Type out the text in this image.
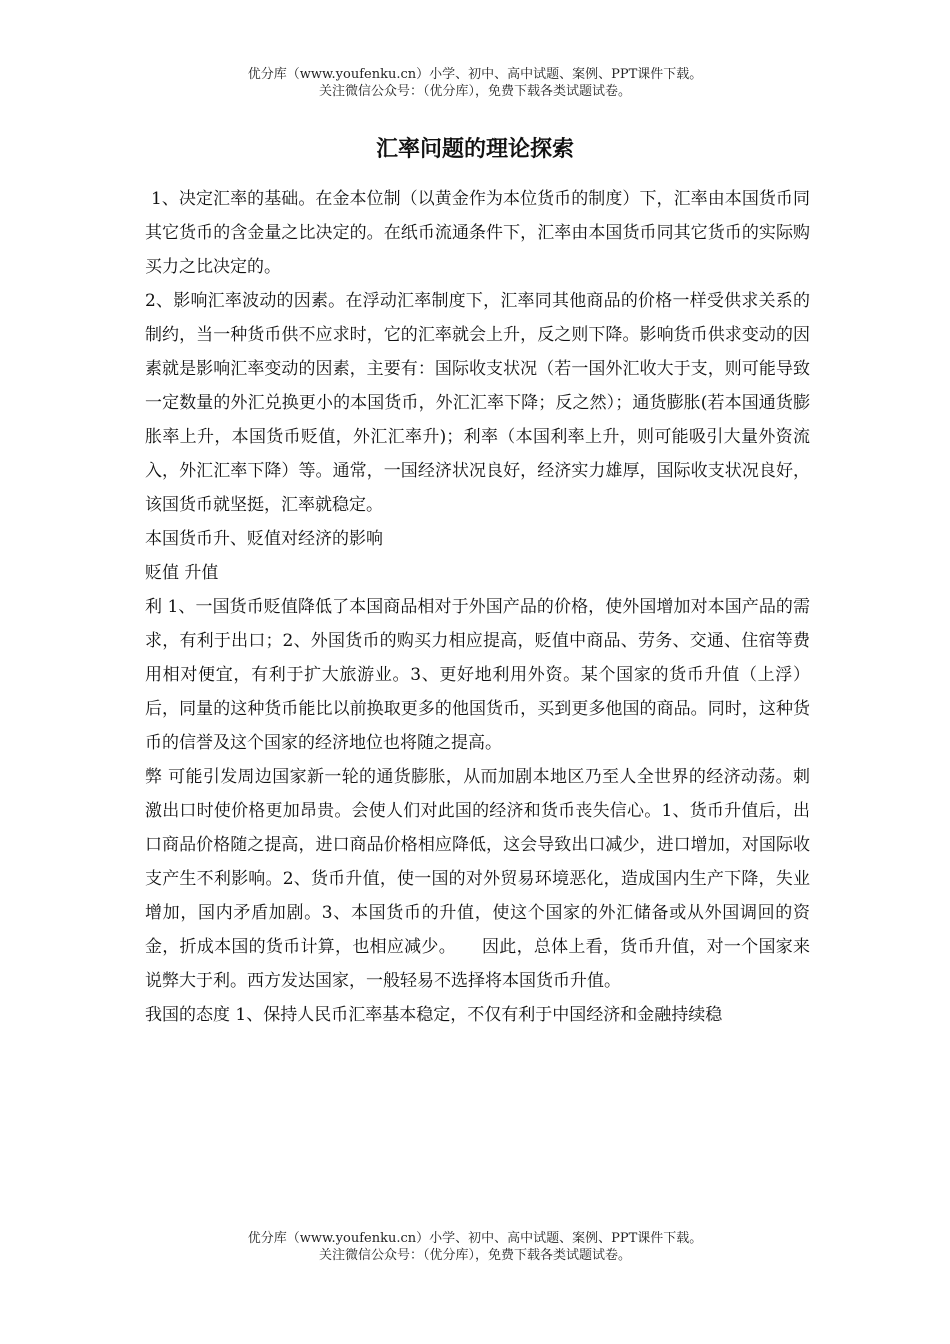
优分库（www.youfenku.cn）小学、初中、高中试题、案例、PPT课件下载。
关注微信公众号：（优分库），免费下载各类试题试卷。
汇率问题的理论探索

1、决定汇率的基础。在金本位制（以黄金作为本位货币的制度）下，汇率由本国货币同其它货币的含金量之比决定的。在纸币流通条件下，汇率由本国货币同其它货币的实际购买力之比决定的。

2、影响汇率波动的因素。在浮动汇率制度下，汇率同其他商品的价格一样受供求关系的制约，当一种货币供不应求时，它的汇率就会上升，反之则下降。影响货币供求变动的因素就是影响汇率变动的因素，主要有：国际收支状况（若一国外汇收大于支，则可能导致一定数量的外汇兑换更小的本国货币，外汇汇率下降；反之然）；通货膨胀(若本国通货膨胀率上升，本国货币贬值，外汇汇率升)；利率（本国利率上升，则可能吸引大量外资流入，外汇汇率下降）等。通常，一国经济状况良好，经济实力雄厚，国际收支状况良好，该国货币就坚挺，汇率就稳定。

本国货币升、贬值对经济的影响

贬值 升值

利 1、一国货币贬值降低了本国商品相对于外国产品的价格，使外国增加对本国产品的需求，有利于出口；2、外国货币的购买力相应提高，贬值中商品、劳务、交通、住宿等费用相对便宜，有利于扩大旅游业。3、更好地利用外资。某个国家的货币升值（上浮）后，同量的这种货币能比以前换取更多的他国货币，买到更多他国的商品。同时，这种货币的信誉及这个国家的经济地位也将随之提高。

弊 可能引发周边国家新一轮的通货膨胀，从而加剧本地区乃至人全世界的经济动荡。刺激出口时使价格更加昂贵。会使人们对此国的经济和货币丧失信心。1、货币升值后，出口商品价格随之提高，进口商品价格相应降低，这会导致出口减少，进口增加，对国际收支产生不利影响。2、货币升值，使一国的对外贸易环境恶化，造成国内生产下降，失业增加，国内矛盾加剧。3、本国货币的升值，使这个国家的外汇储备或从外国调回的资金，折成本国的货币计算，也相应减少。　　因此，总体上看，货币升值，对一个国家来说弊大于利。西方发达国家，一般轻易不选择将本国货币升值。

我国的态度 1、保持人民币汇率基本稳定，不仅有利于中国经济和金融持续稳

优分库（www.youfenku.cn）小学、初中、高中试题、案例、PPT课件下载。
关注微信公众号：（优分库），免费下载各类试题试卷。
